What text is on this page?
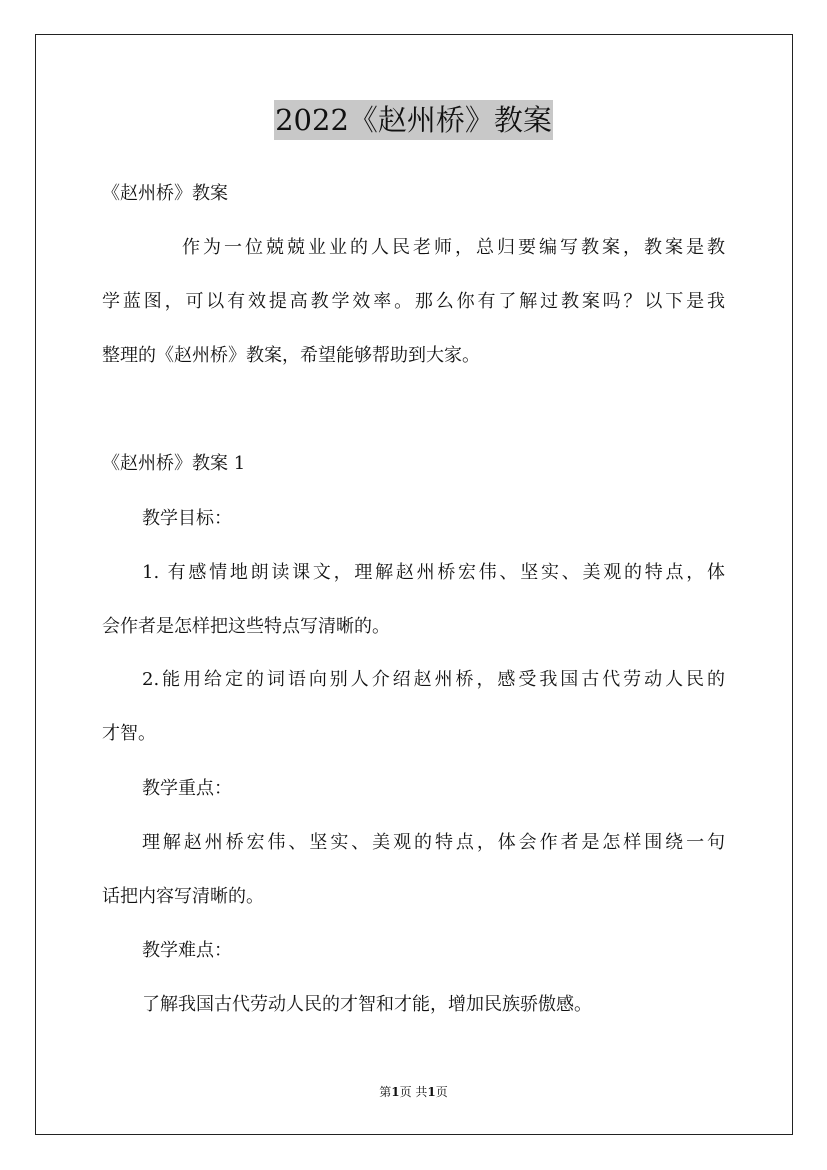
2022《赵州桥》教案
《赵州桥》教案
作为一位兢兢业业的人民老师，总归要编写教案，教案是教
学蓝图，可以有效提高教学效率。那么你有了解过教案吗？以下是我
整理的《赵州桥》教案，希望能够帮助到大家。
《赵州桥》教案 1
教学目标：
1. 有感情地朗读课文，理解赵州桥宏伟、坚实、美观的特点，体
会作者是怎样把这些特点写清晰的。
2.能用给定的词语向别人介绍赵州桥，感受我国古代劳动人民的
才智。
教学重点：
理解赵州桥宏伟、坚实、美观的特点，体会作者是怎样围绕一句
话把内容写清晰的。
教学难点：
了解我国古代劳动人民的才智和才能，增加民族骄傲感。
第1页 共1页
